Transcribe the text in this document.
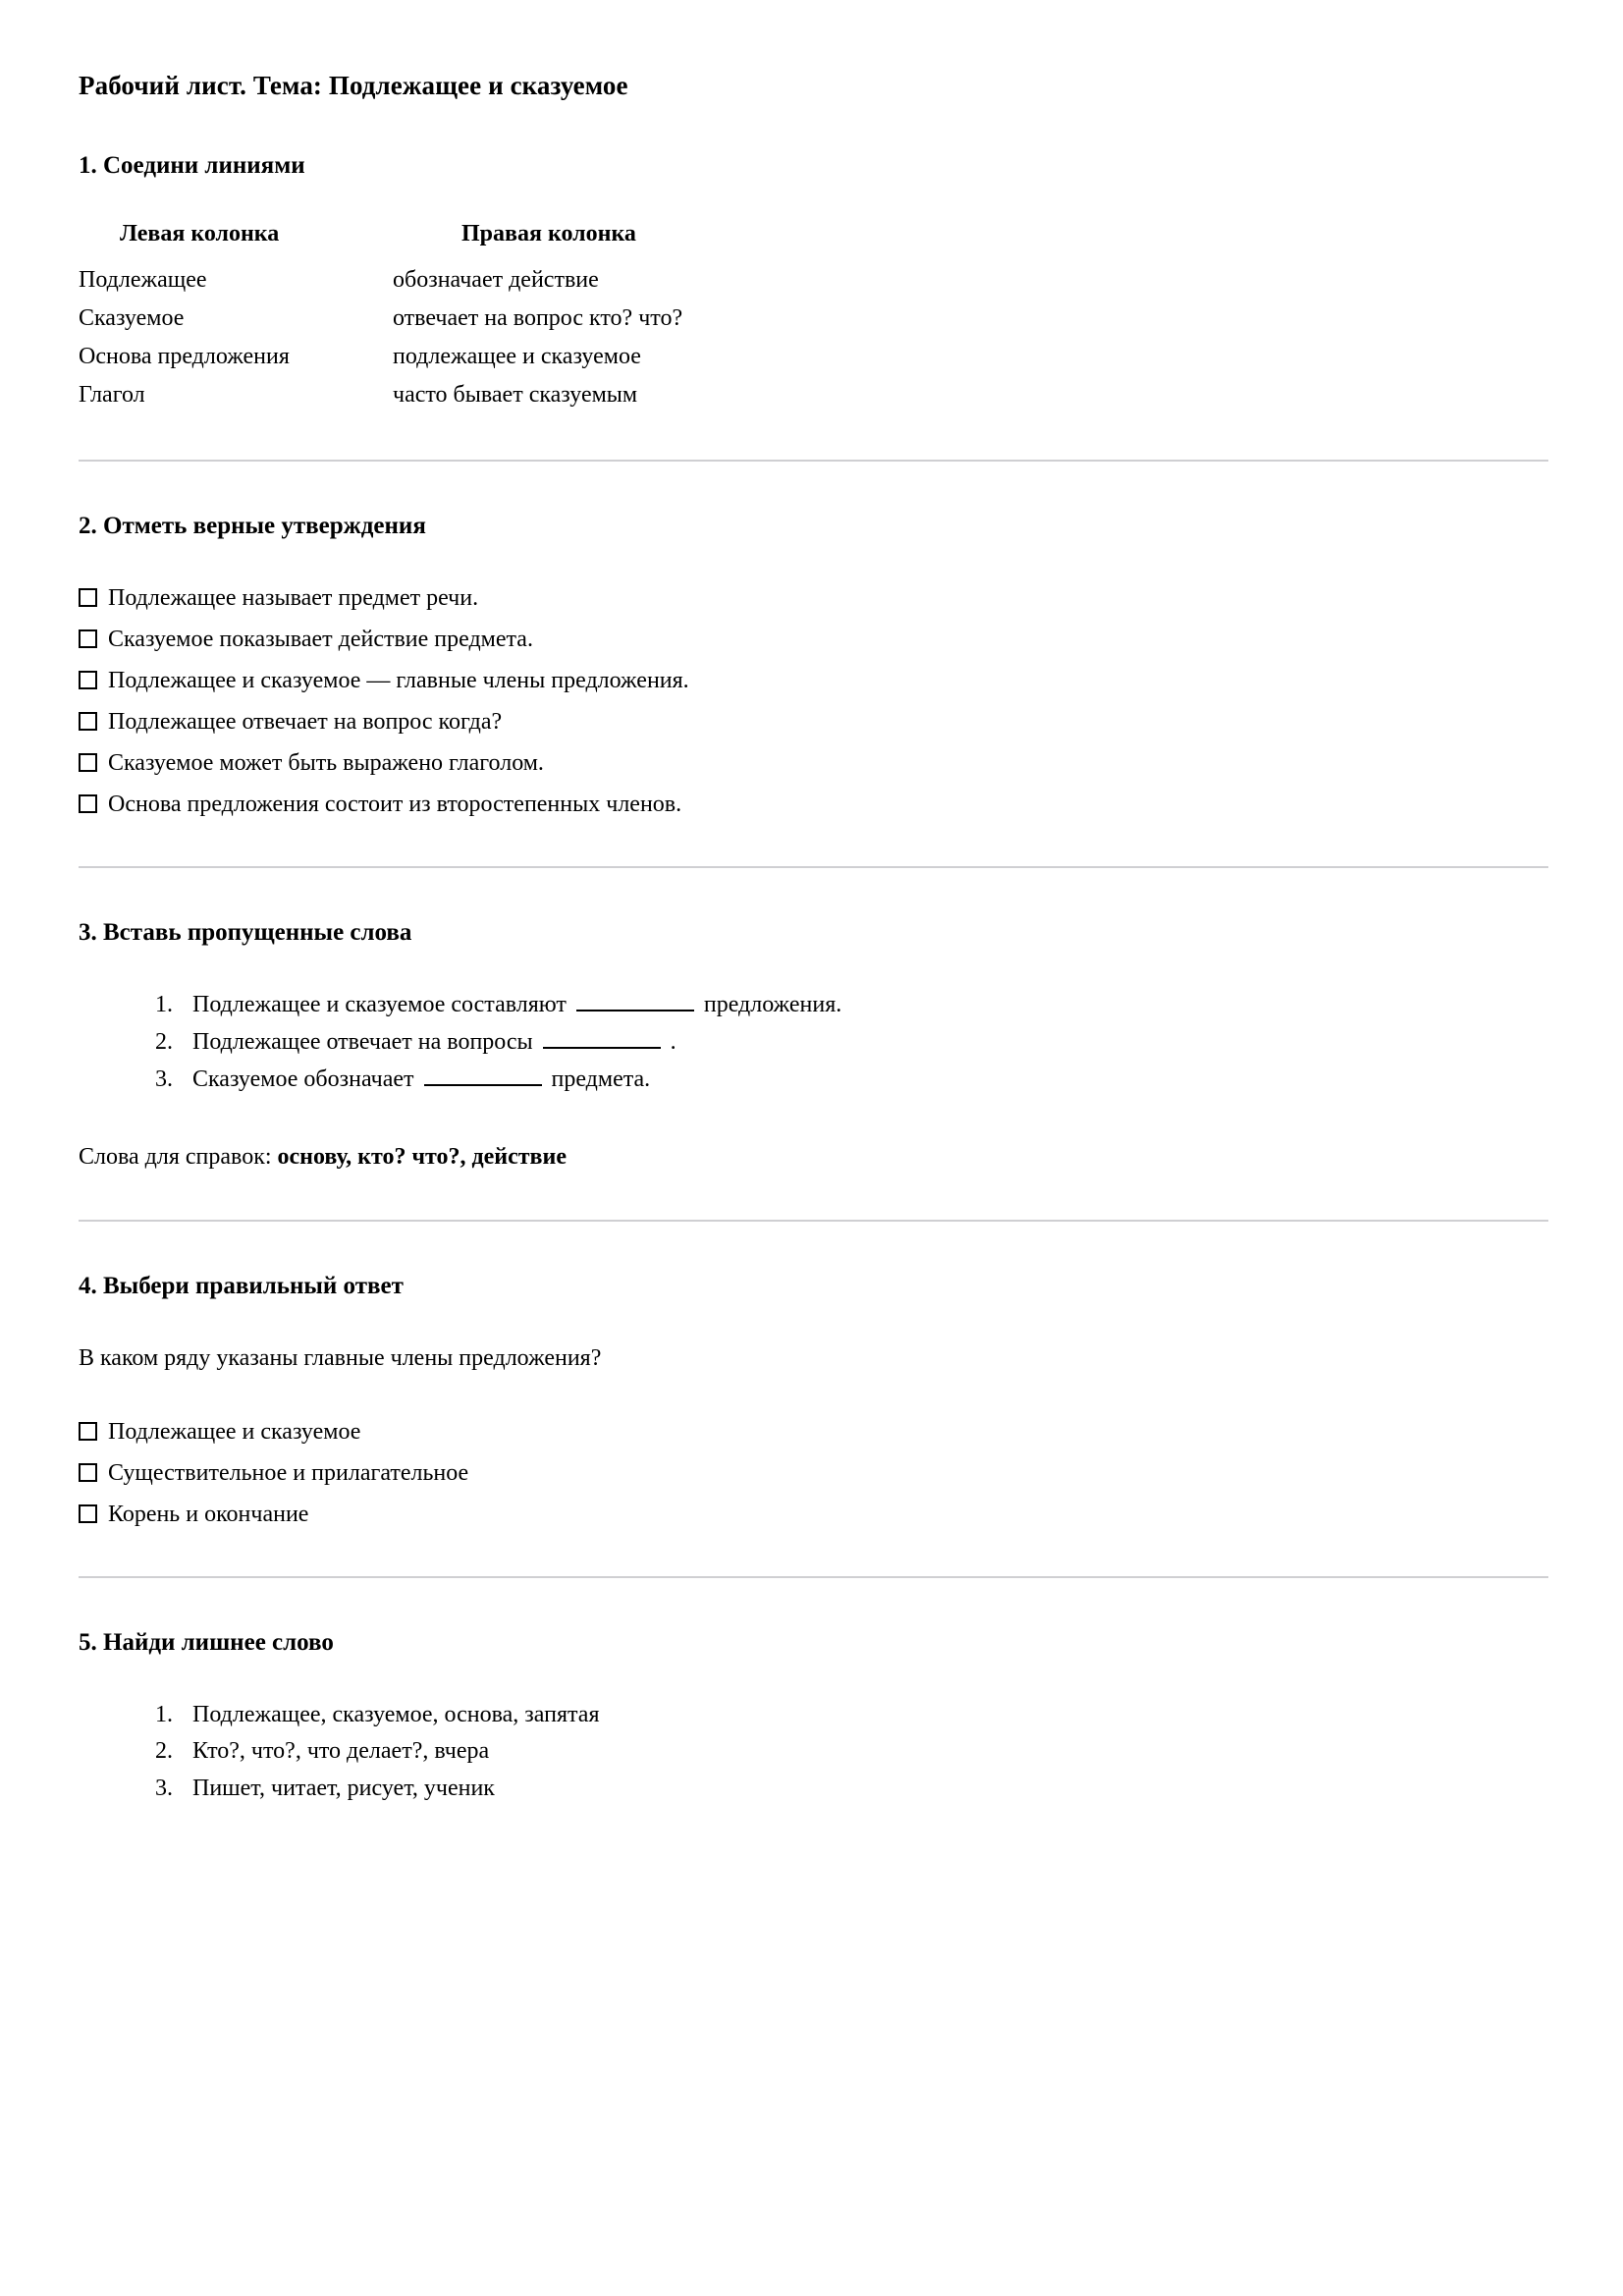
Рабочий лист. Тема: Подлежащее и сказуемое
1. Соедини линиями
Левая колонка	Правая колонка
Подлежащее	обозначает действие
Сказуемое	отвечает на вопрос кто? что?
Основа предложения	подлежащее и сказуемое
Глагол	часто бывает сказуемым
2. Отметь верные утверждения
Подлежащее называет предмет речи.
Сказуемое показывает действие предмета.
Подлежащее и сказуемое — главные члены предложения.
Подлежащее отвечает на вопрос когда?
Сказуемое может быть выражено глаголом.
Основа предложения состоит из второстепенных членов.
3. Вставь пропущенные слова
1. Подлежащее и сказуемое составляют	предложения.
2. Подлежащее отвечает на вопросы	.
3. Сказуемое обозначает	предмета.

Слова для справок: основу, кто? что?, действие

4. Выбери правильный ответ

В каком ряду указаны главные члены предложения?

Подлежащее и сказуемое
Существительное и прилагательное
Корень и окончание
5. Найди лишнее слово
1. Подлежащее, сказуемое, основа, запятая
2. Кто?, что?, что делает?, вчера
3. Пишет, читает, рисует, ученик
